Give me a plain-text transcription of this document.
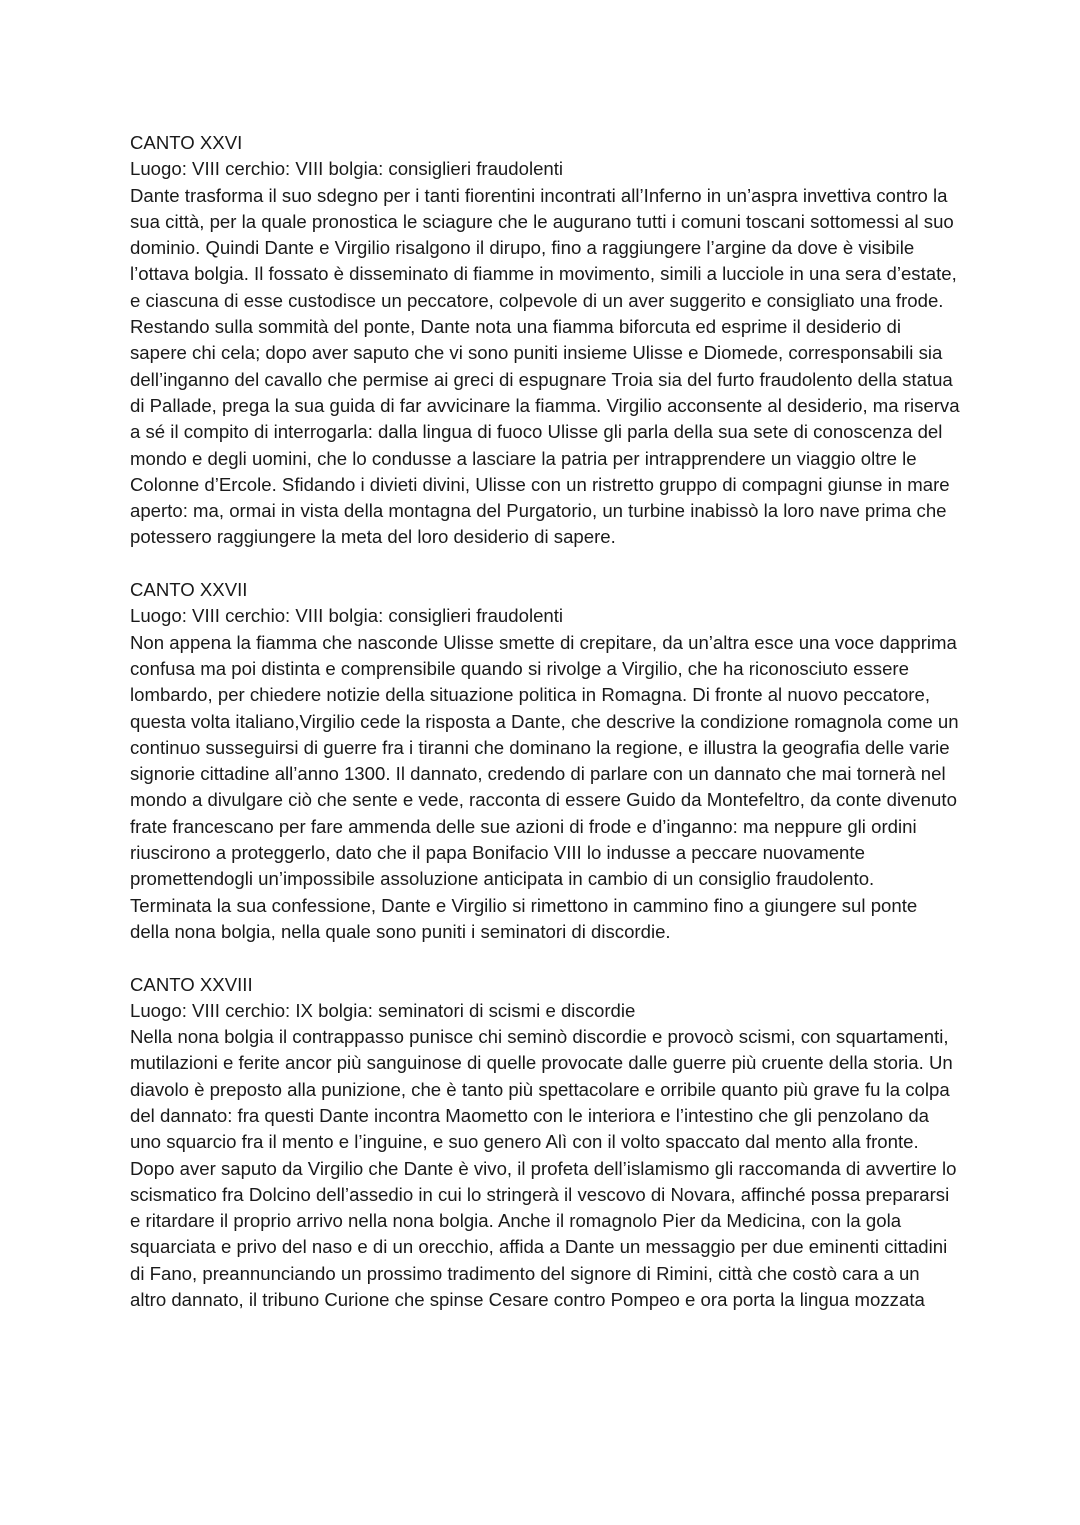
CANTO XXVI
Luogo: VIII cerchio: VIII bolgia: consiglieri fraudolenti

Dante trasforma il suo sdegno per i tanti fiorentini incontrati all’Inferno in un’aspra invettiva contro la sua città, per la quale pronostica le sciagure che le augurano tutti i comuni toscani sottomessi al suo dominio. Quindi Dante e Virgilio risalgono il dirupo, fino a raggiungere l’argine da dove è visibile l’ottava bolgia. Il fossato è disseminato di fiamme in movimento, simili a lucciole in una sera d’estate, e ciascuna di esse custodisce un peccatore, colpevole di un aver suggerito e consigliato una frode. Restando sulla sommità del ponte, Dante nota una fiamma biforcuta ed esprime il desiderio di sapere chi cela; dopo aver saputo che vi sono puniti insieme Ulisse e Diomede, corresponsabili sia dell’inganno del cavallo che permise ai greci di espugnare Troia sia del furto fraudolento della statua di Pallade, prega la sua guida di far avvicinare la fiamma. Virgilio acconsente al desiderio, ma riserva a sé il compito di interrogarla: dalla lingua di fuoco Ulisse gli parla della sua sete di conoscenza del mondo e degli uomini, che lo condusse a lasciare la patria per intrapprendere un viaggio oltre le Colonne d’Ercole. Sfidando i divieti divini, Ulisse con un ristretto gruppo di compagni giunse in mare aperto: ma, ormai in vista della montagna del Purgatorio, un turbine inabissò la loro nave prima che potessero raggiungere la meta del loro desiderio di sapere.

CANTO XXVII
Luogo: VIII cerchio: VIII bolgia: consiglieri fraudolenti

Non appena la fiamma che nasconde Ulisse smette di crepitare, da un’altra esce una voce dapprima confusa ma poi distinta e comprensibile quando si rivolge a Virgilio, che ha riconosciuto essere lombardo, per chiedere notizie della situazione politica in Romagna. Di fronte al nuovo peccatore, questa volta italiano,Virgilio cede la risposta a Dante, che descrive la condizione romagnola come un continuo susseguirsi di guerre fra i tiranni che dominano la regione, e illustra la geografia delle varie signorie cittadine all’anno 1300. Il dannato, credendo di parlare con un dannato che mai tornerà nel mondo a divulgare ciò che sente e vede, racconta di essere Guido da Montefeltro, da conte divenuto frate francescano per fare ammenda delle sue azioni di frode e d’inganno: ma neppure gli ordini riuscirono a proteggerlo, dato che il papa Bonifacio VIII lo indusse a peccare nuovamente promettendogli un’impossibile assoluzione anticipata in cambio di un consiglio fraudolento. Terminata la sua confessione, Dante e Virgilio si rimettono in cammino fino a giungere sul ponte della nona bolgia, nella quale sono puniti i seminatori di discordie.

CANTO XXVIII
Luogo: VIII cerchio: IX bolgia: seminatori di scismi e discordie

Nella nona bolgia il contrappasso punisce chi seminò discordie e provocò scismi, con squartamenti, mutilazioni e ferite ancor più sanguinose di quelle provocate dalle guerre più cruente della storia. Un diavolo è preposto alla punizione, che è tanto più spettacolare e orribile quanto più grave fu la colpa del dannato: fra questi Dante incontra Maometto con le interiora e l’intestino che gli penzolano da uno squarcio fra il mento e l’inguine, e suo genero Alì con il volto spaccato dal mento alla fronte. Dopo aver saputo da Virgilio che Dante è vivo, il profeta dell’islamismo gli raccomanda di avvertire lo scismatico fra Dolcino dell’assedio in cui lo stringerà il vescovo di Novara, affinché possa prepararsi e ritardare il proprio arrivo nella nona bolgia. Anche il romagnolo Pier da Medicina, con la gola squarciata e privo del naso e di un orecchio, affida a Dante un messaggio per due eminenti cittadini di Fano, preannunciando un prossimo tradimento del signore di Rimini, città che costò cara a un altro dannato, il tribuno Curione che spinse Cesare contro Pompeo e ora porta la lingua mozzata
